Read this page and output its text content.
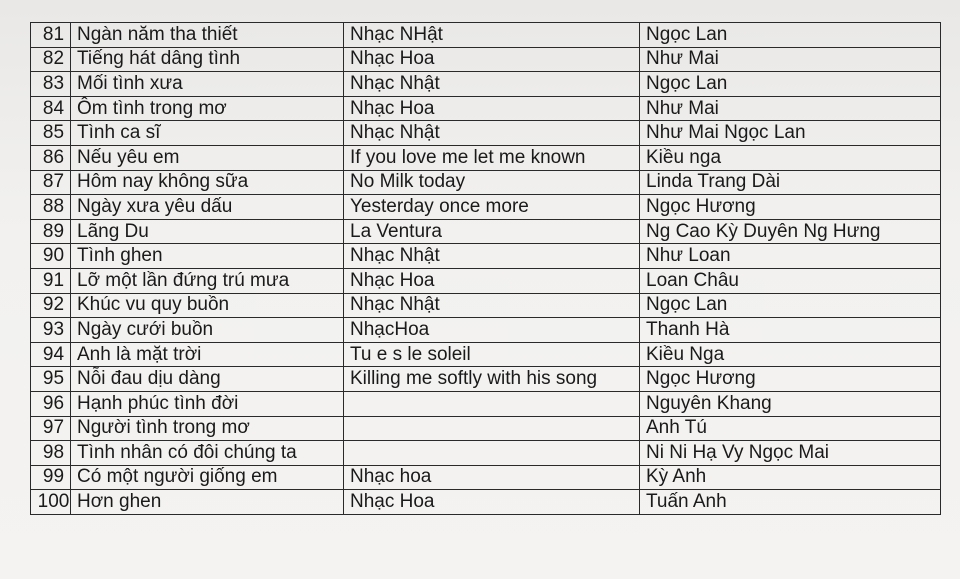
81	Ngàn năm tha thiết	Nhạc NHật	Ngọc Lan
82	Tiếng hát dâng tình	Nhạc Hoa	Như Mai
83	Mối tình xưa	Nhạc Nhật	Ngọc Lan
84	Ôm tình trong mơ	Nhạc Hoa	Như Mai
85	Tình ca sĩ	Nhạc Nhật	Như Mai Ngọc Lan
86	Nếu yêu em	If you love me let me known	Kiều nga
87	Hôm nay không sữa	No Milk today	Linda Trang Dài
88	Ngày xưa yêu dấu	Yesterday once more	Ngọc Hương
89	Lãng Du	La Ventura	Ng Cao Kỳ Duyên Ng Hưng
90	Tình ghen	Nhạc Nhật	Như Loan
91	Lỡ một lần đứng trú mưa	Nhạc Hoa	Loan Châu
92	Khúc vu quy buồn	Nhạc Nhật	Ngọc Lan
93	Ngày cưới buồn	NhạcHoa	Thanh Hà
94	Anh là mặt trời	Tu e s le soleil	Kiều Nga
95	Nỗi đau dịu dàng	Killing me softly with his song	Ngọc Hương
96	Hạnh phúc tình đời		Nguyên Khang
97	Người tình trong mơ		Anh Tú
98	Tình nhân có đôi chúng ta		Ni Ni Hạ Vy Ngọc Mai
99	Có một người giống em	Nhạc hoa	Kỳ Anh
100	Hơn ghen	Nhạc Hoa	Tuấn Anh
